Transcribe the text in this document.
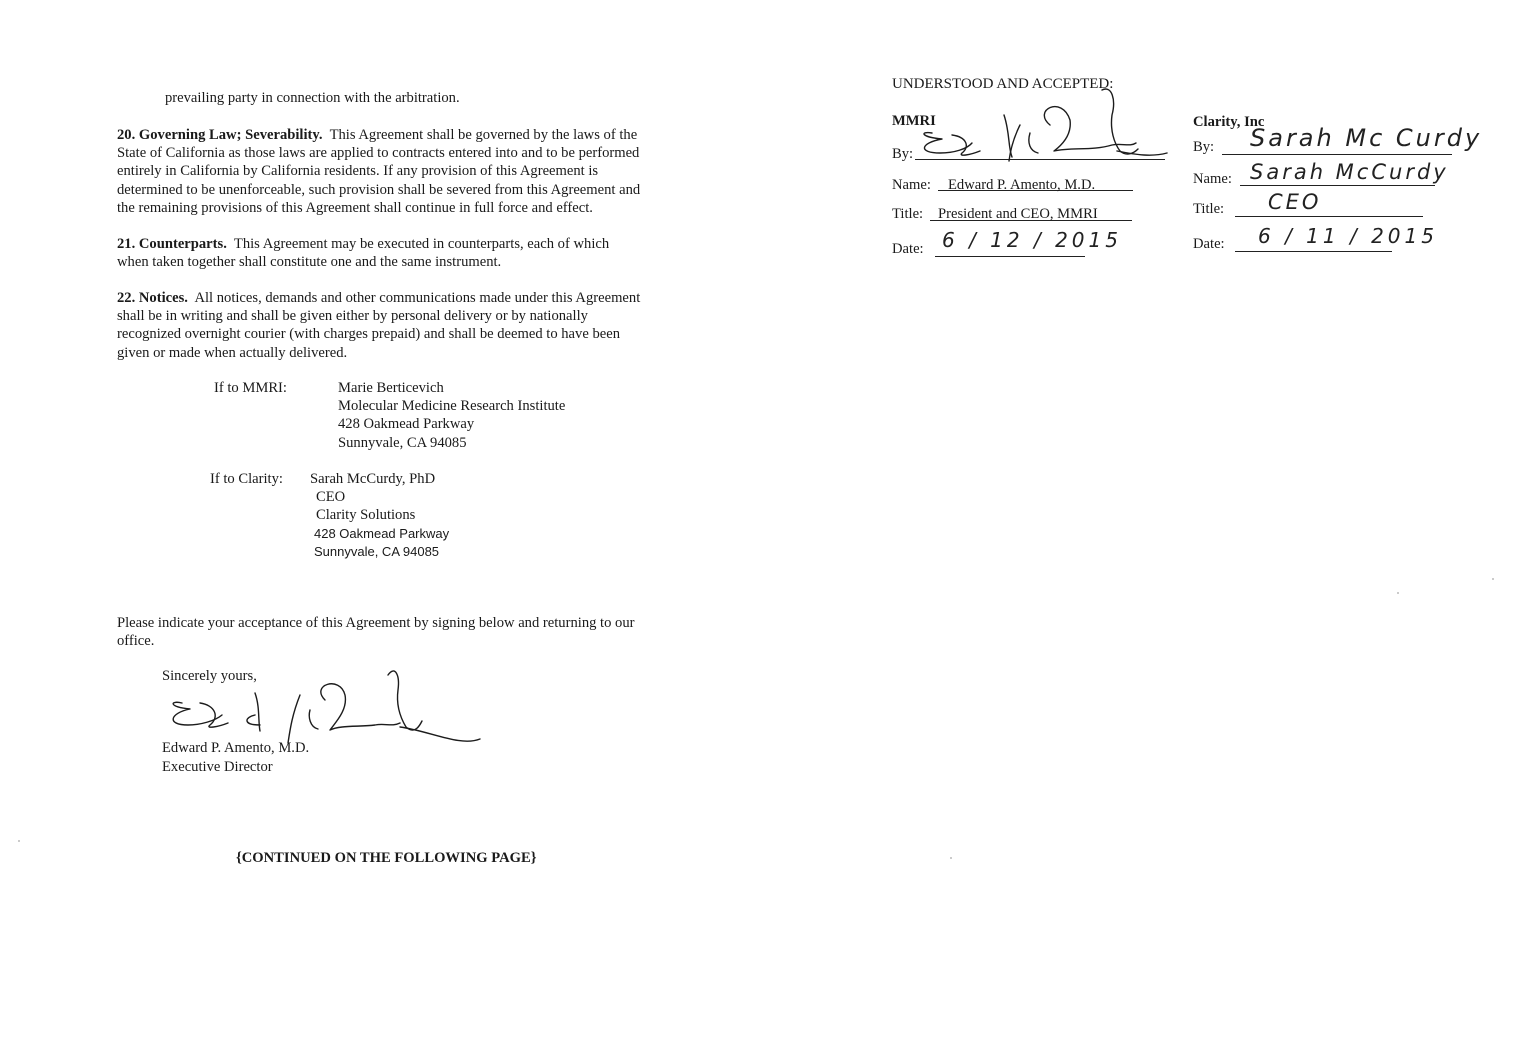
prevailing party in connection with the arbitration.
20. Governing Law; Severability. This Agreement shall be governed by the laws of the
State of California as those laws are applied to contracts entered into and to be performed
entirely in California by California residents. If any provision of this Agreement is
determined to be unenforceable, such provision shall be severed from this Agreement and
the remaining provisions of this Agreement shall continue in full force and effect.
21. Counterparts. This Agreement may be executed in counterparts, each of which
when taken together shall constitute one and the same instrument.
22. Notices. All notices, demands and other communications made under this Agreement
shall be in writing and shall be given either by personal delivery or by nationally
recognized overnight courier (with charges prepaid) and shall be deemed to have been
given or made when actually delivered.
If to MMRI:	Marie Berticevich
Molecular Medicine Research Institute
428 Oakmead Parkway
Sunnyvale, CA 94085
If to Clarity: Sarah McCurdy, PhD
CEO
Clarity Solutions
428 Oakmead Parkway
Sunnyvale, CA 94085
Please indicate your acceptance of this Agreement by signing below and returning to our
office.
Sincerely yours,
Edward P. Amento, M.D.
Executive Director
{CONTINUED ON THE FOLLOWING PAGE}
UNDERSTOOD AND ACCEPTED:
MMRI
By:
Name: Edward P. Amento, M.D.
Title: President and CEO, MMRI
Date: 6 / 12 / 2015
Clarity, Inc
By: Sarah Mc Curdy
Name: Sarah McCurdy
Title: CEO
Date: 6 / 11 / 2015
